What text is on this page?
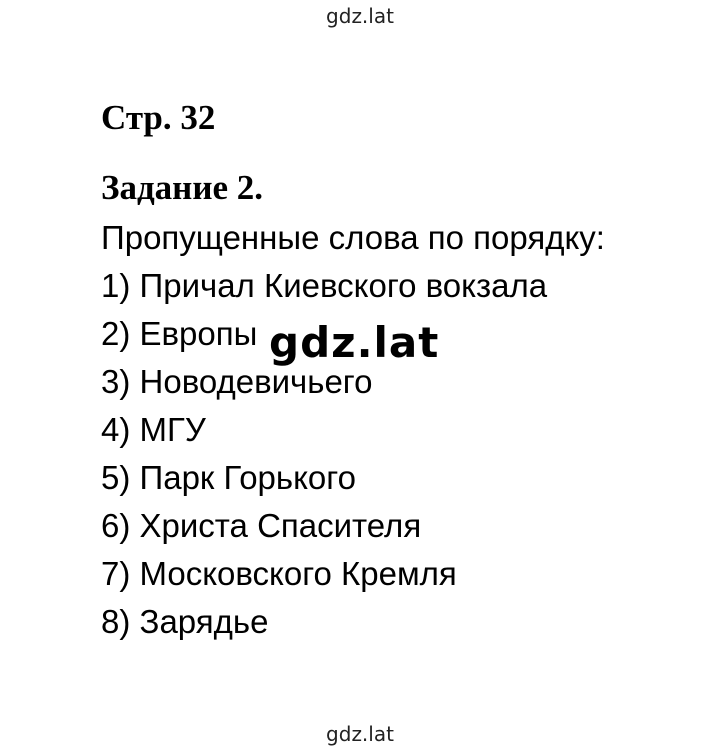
gdz.lat
Стр. 32
Задание 2.
Пропущенные слова по порядку:
1) Причал Киевского вокзала
2) Европы
3) Новодевичьего
4) МГУ
5) Парк Горького
6) Христа Спасителя
7) Московского Кремля
8) Зарядье
gdz.lat
gdz.lat
